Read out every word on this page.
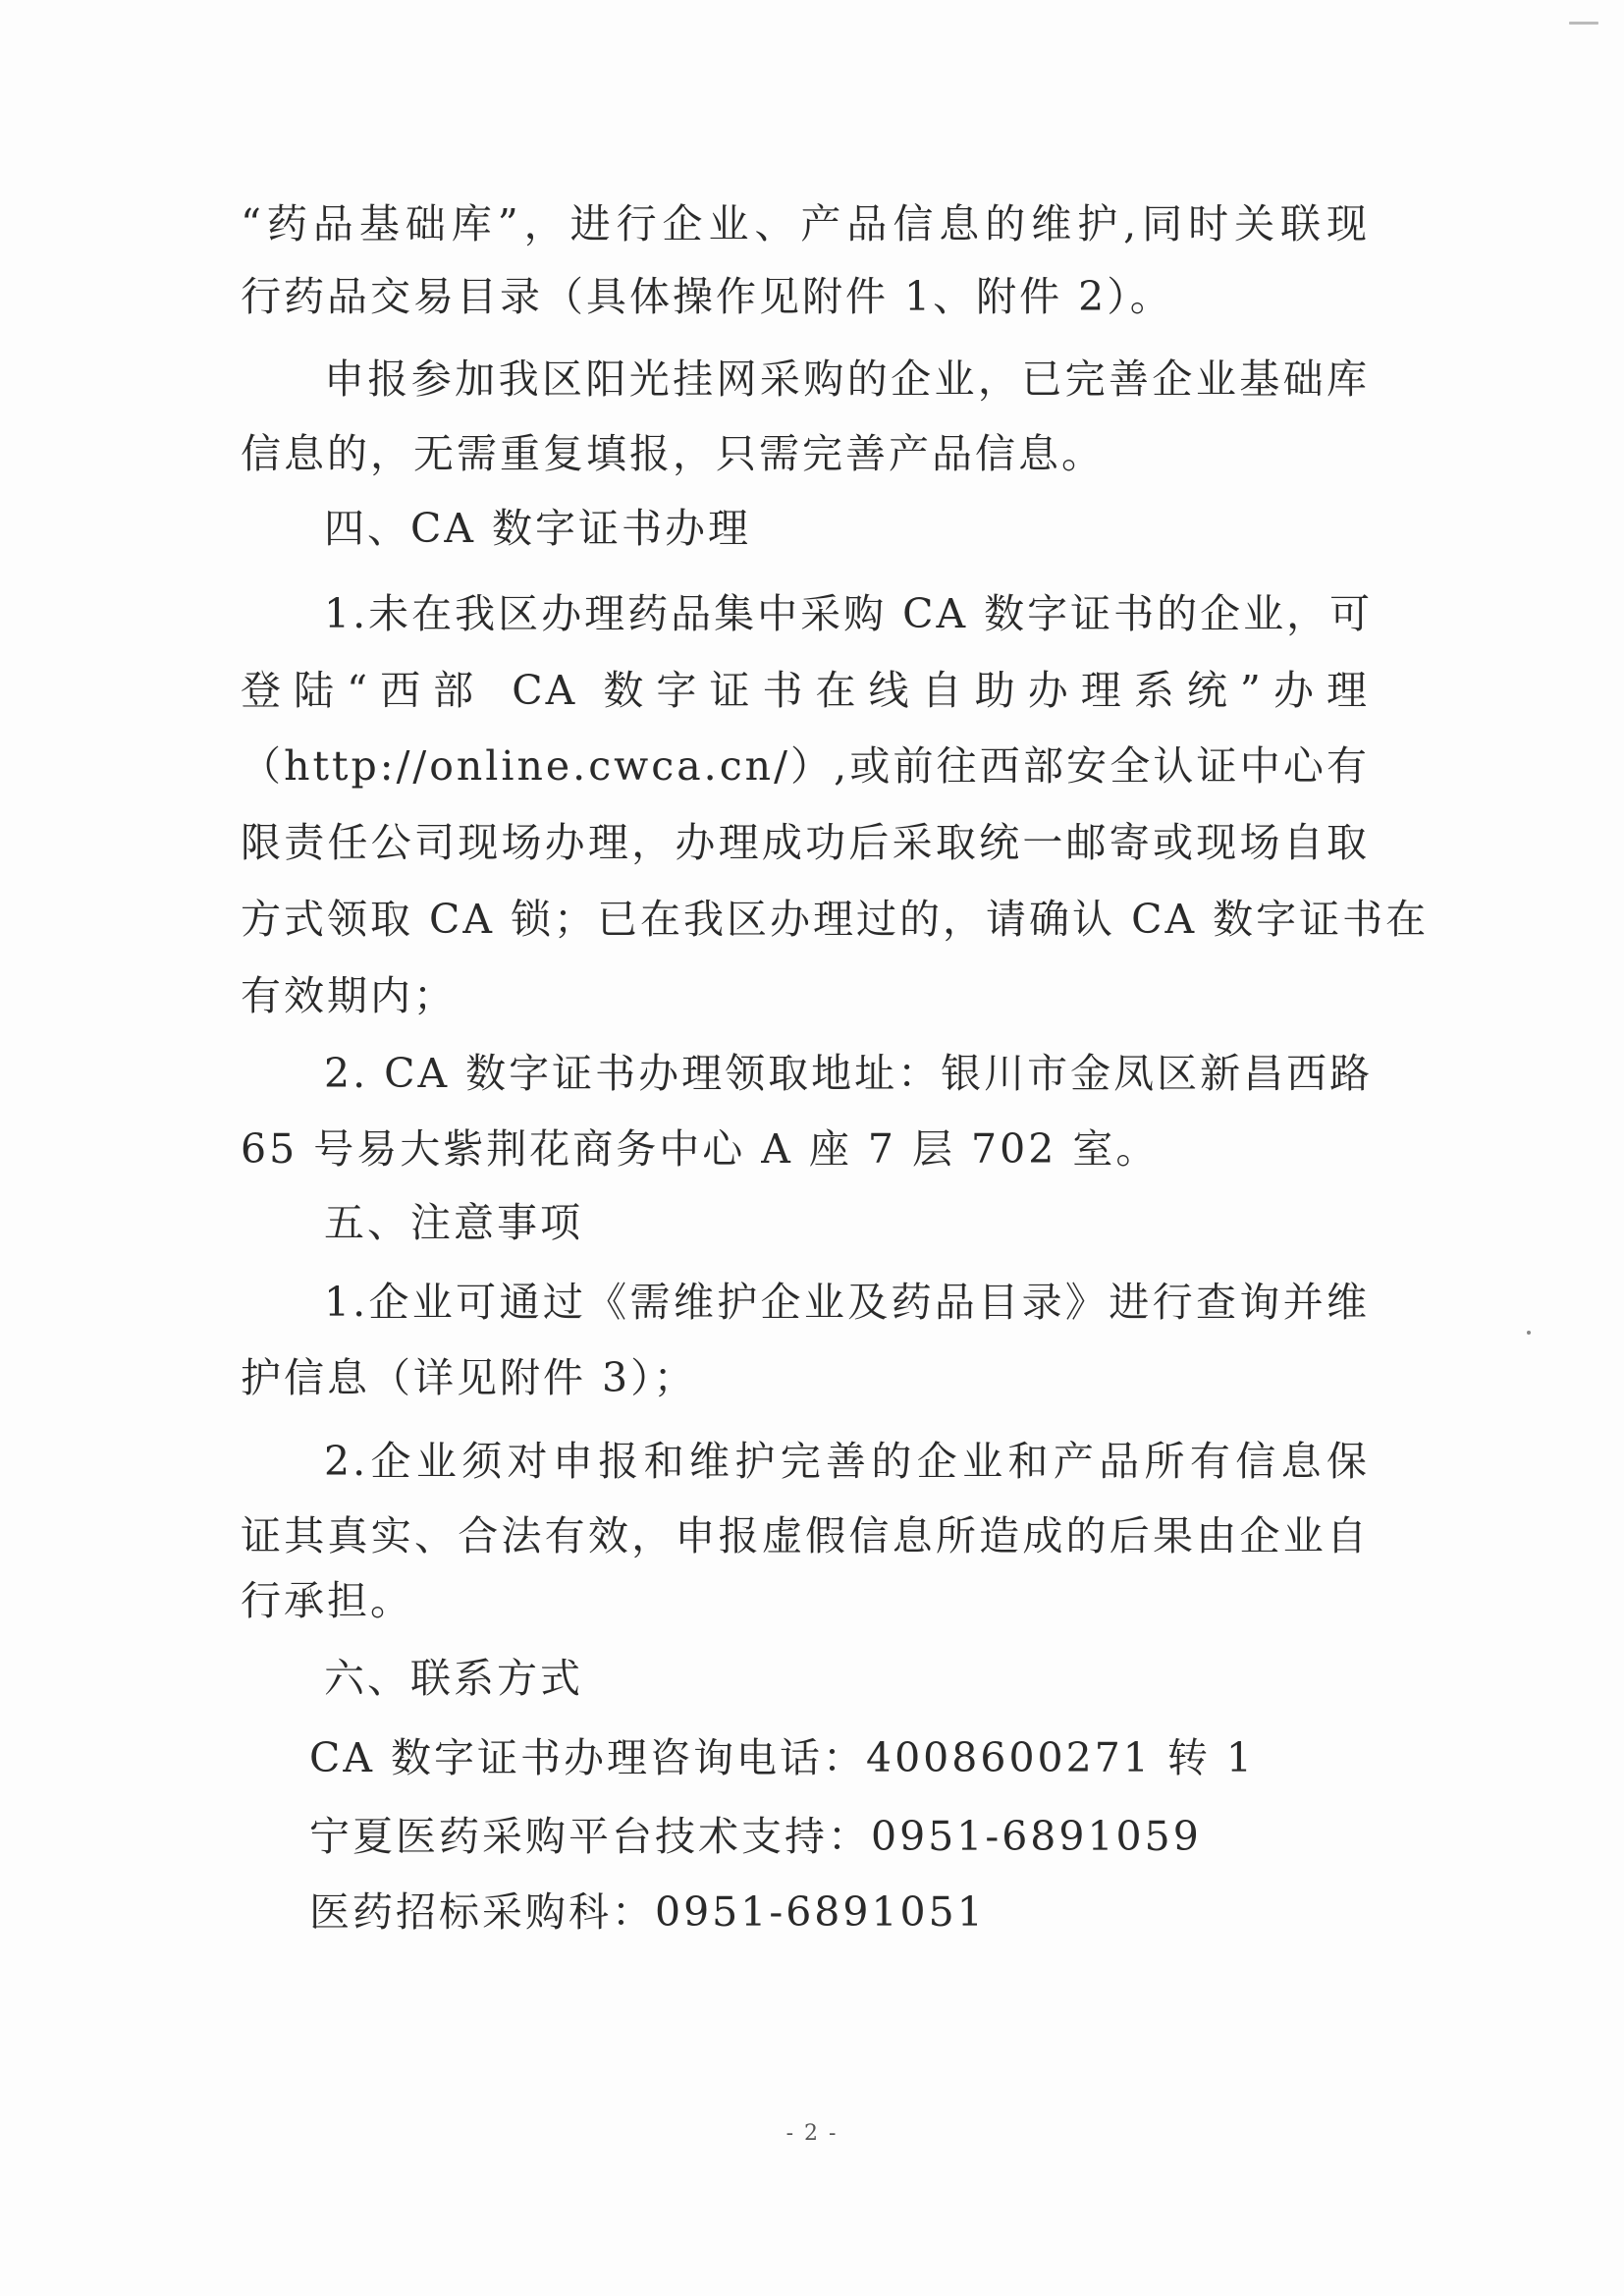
“药品基础库”，进行企业、产品信息的维护,同时关联现
行药品交易目录（具体操作见附件 1、附件 2）。
申报参加我区阳光挂网采购的企业，已完善企业基础库
信息的，无需重复填报，只需完善产品信息。
四、CA 数字证书办理
1.未在我区办理药品集中采购 CA 数字证书的企业，可
登陆“西部 CA 数字证书在线自助办理系统”办理
（http://online.cwca.cn/）,或前往西部安全认证中心有
限责任公司现场办理，办理成功后采取统一邮寄或现场自取
方式领取 CA 锁；已在我区办理过的，请确认 CA 数字证书在
有效期内；
2. CA 数字证书办理领取地址：银川市金凤区新昌西路
65 号易大紫荆花商务中心 A 座 7 层 702 室。
五、注意事项
1.企业可通过《需维护企业及药品目录》进行查询并维
护信息（详见附件 3）；
2.企业须对申报和维护完善的企业和产品所有信息保
证其真实、合法有效，申报虚假信息所造成的后果由企业自
行承担。
六、联系方式
CA 数字证书办理咨询电话：4008600271 转 1
宁夏医药采购平台技术支持：0951-6891059
医药招标采购科：0951-6891051
- 2 -
